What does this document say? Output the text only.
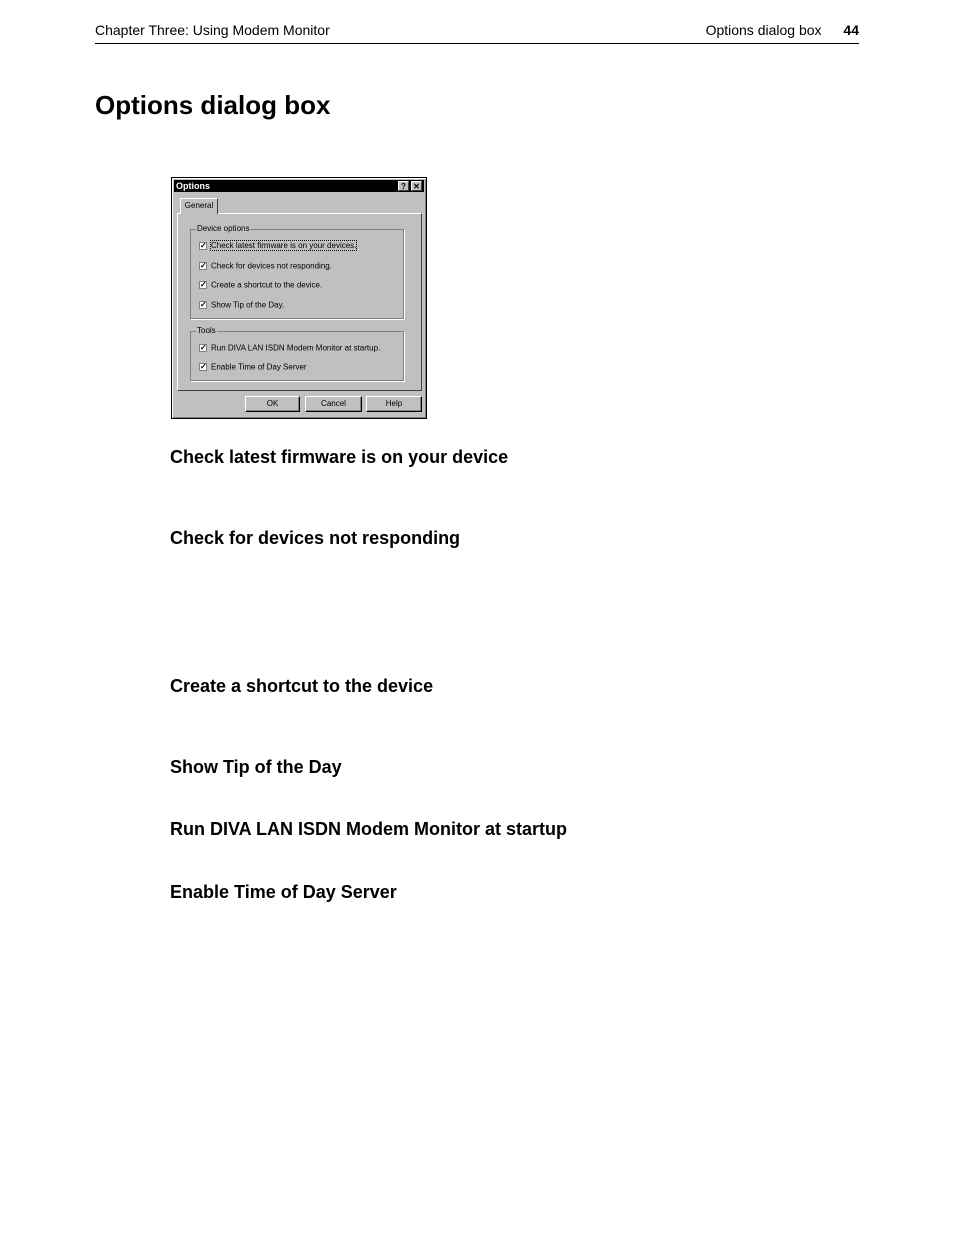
Chapter Three: Using Modem Monitor	Options dialog box 44
Options dialog box
Options	? ✕
General
Device options
✓ Check latest firmware is on your devices.
✓ Check for devices not responding.
✓ Create a shortcut to the device.
✓ Show Tip of the Day.
Tools
✓ Run DIVA LAN ISDN Modem Monitor at startup.
✓ Enable Time of Day Server
OK	Cancel	Help
Check latest firmware is on your device
Check for devices not responding
Create a shortcut to the device
Show Tip of the Day
Run DIVA LAN ISDN Modem Monitor at startup
Enable Time of Day Server
